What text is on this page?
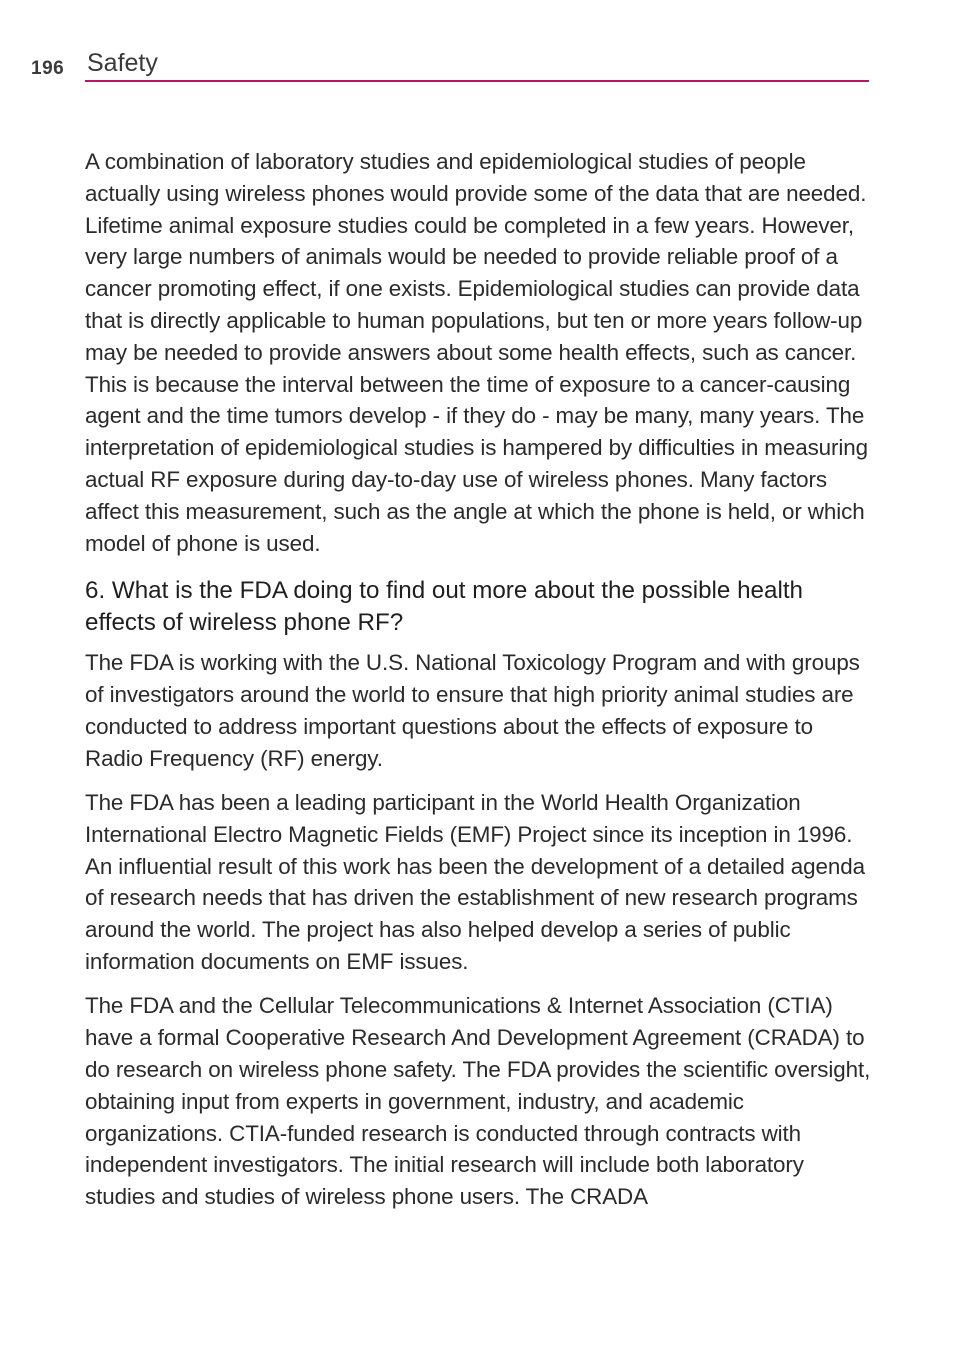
196 Safety

A combination of laboratory studies and epidemiological studies of people actually using wireless phones would provide some of the data that are needed. Lifetime animal exposure studies could be completed in a few years. However, very large numbers of animals would be needed to provide reliable proof of a cancer promoting effect, if one exists. Epidemiological studies can provide data that is directly applicable to human populations, but ten or more years follow-up may be needed to provide answers about some health effects, such as cancer. This is because the interval between the time of exposure to a cancer-causing agent and the time tumors develop - if they do - may be many, many years. The interpretation of epidemiological studies is hampered by difficulties in measuring actual RF exposure during day-to-day use of wireless phones. Many factors affect this measurement, such as the angle at which the phone is held, or which model of phone is used.

6. What is the FDA doing to find out more about the possible health effects of wireless phone RF?

The FDA is working with the U.S. National Toxicology Program and with groups of investigators around the world to ensure that high priority animal studies are conducted to address important questions about the effects of exposure to Radio Frequency (RF) energy.

The FDA has been a leading participant in the World Health Organization International Electro Magnetic Fields (EMF) Project since its inception in 1996. An influential result of this work has been the development of a detailed agenda of research needs that has driven the establishment of new research programs around the world. The project has also helped develop a series of public information documents on EMF issues.

The FDA and the Cellular Telecommunications & Internet Association (CTIA) have a formal Cooperative Research And Development Agreement (CRADA) to do research on wireless phone safety. The FDA provides the scientific oversight, obtaining input from experts in government, industry, and academic organizations. CTIA-funded research is conducted through contracts with independent investigators. The initial research will include both laboratory studies and studies of wireless phone users. The CRADA
